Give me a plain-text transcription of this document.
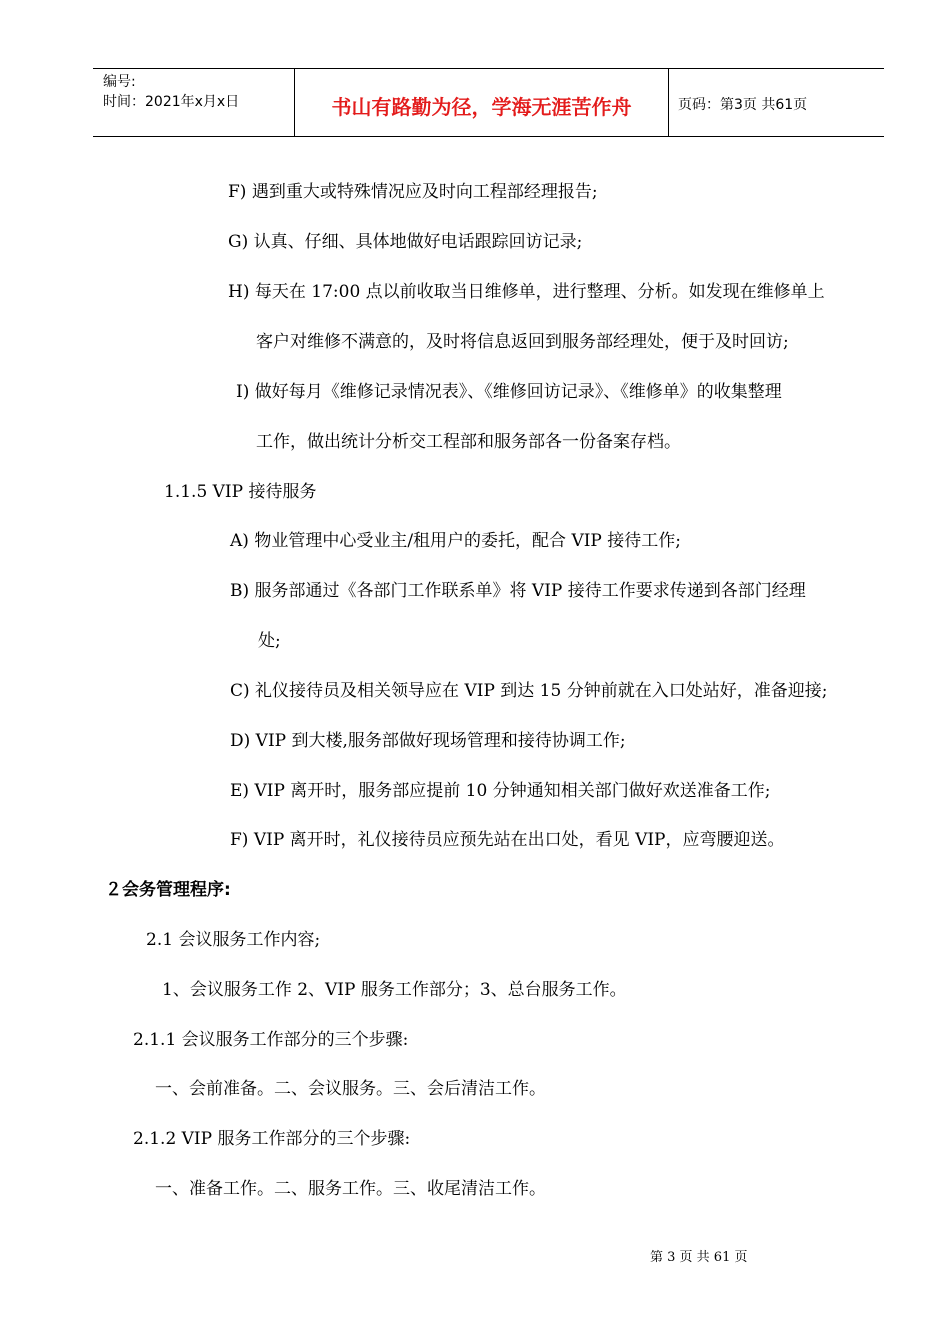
编号:
时间：2021年x月x日	书山有路勤为径，学海无涯苦作舟	页码：第3页 共61页
F) 遇到重大或特殊情况应及时向工程部经理报告;
G) 认真、仔细、具体地做好电话跟踪回访记录;
H) 每天在 17:00 点以前收取当日维修单，进行整理、分析。如发现在维修单上
客户对维修不满意的，及时将信息返回到服务部经理处，便于及时回访;
I) 做好每月《维修记录情况表》、《维修回访记录》、《维修单》的收集整理
工作，做出统计分析交工程部和服务部各一份备案存档。
1.1.5 VIP 接待服务
A) 物业管理中心受业主/租用户的委托，配合 VIP 接待工作;
B) 服务部通过《各部门工作联系单》将 VIP 接待工作要求传递到各部门经理
处;
C) 礼仪接待员及相关领导应在 VIP 到达 15 分钟前就在入口处站好，准备迎接;
D) VIP 到大楼,服务部做好现场管理和接待协调工作;
E) VIP 离开时，服务部应提前 10 分钟通知相关部门做好欢送准备工作;
F) VIP 离开时，礼仪接待员应预先站在出口处，看见 VIP，应弯腰迎送。
２会务管理程序:
2.1 会议服务工作内容;
1、会议服务工作 2、VIP 服务工作部分；3、总台服务工作。
2.1.1 会议服务工作部分的三个步骤:
一、会前准备。二、会议服务。三、会后清洁工作。
2.1.2 VIP 服务工作部分的三个步骤:
一、准备工作。二、服务工作。三、收尾清洁工作。
第 3 页 共 61 页
